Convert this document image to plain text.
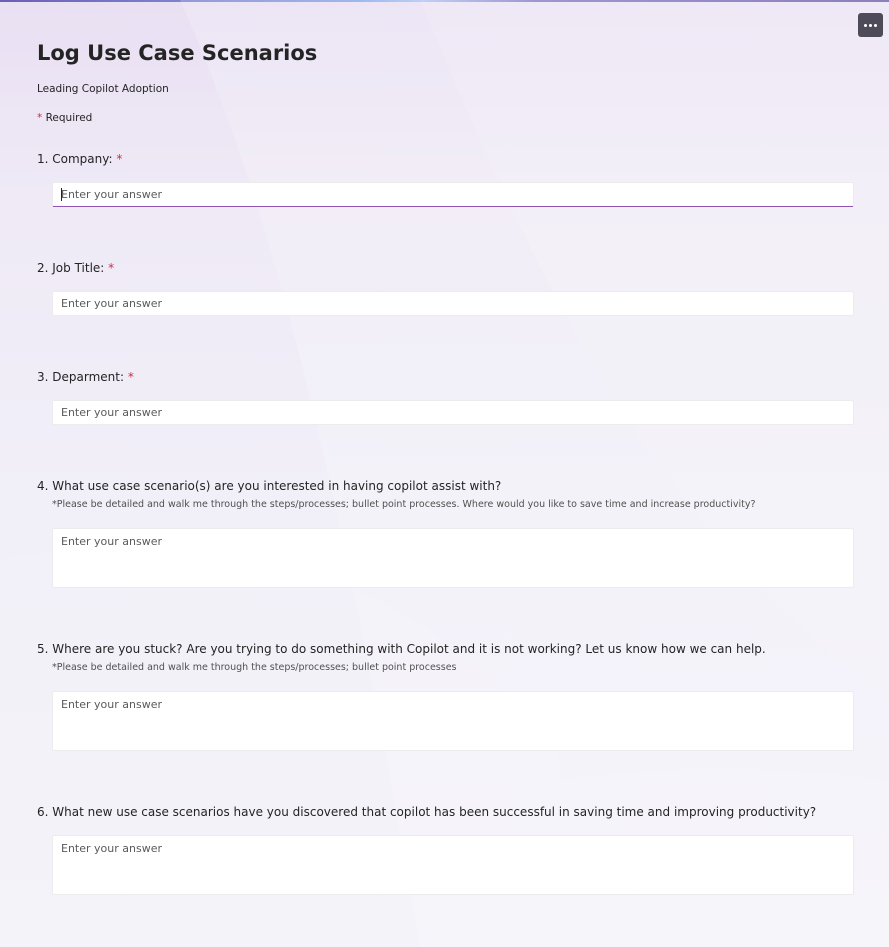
Log Use Case Scenarios
Leading Copilot Adoption
* Required
1. Company: *
Enter your answer
2. Job Title: *
Enter your answer
3. Deparment: *
Enter your answer
4. What use case scenario(s) are you interested in having copilot assist with?
*Please be detailed and walk me through the steps/processes; bullet point processes. Where would you like to save time and increase productivity?
Enter your answer
5. Where are you stuck? Are you trying to do something with Copilot and it is not working? Let us know how we can help.
*Please be detailed and walk me through the steps/processes; bullet point processes
Enter your answer
6. What new use case scenarios have you discovered that copilot has been successful in saving time and improving productivity?
Enter your answer
